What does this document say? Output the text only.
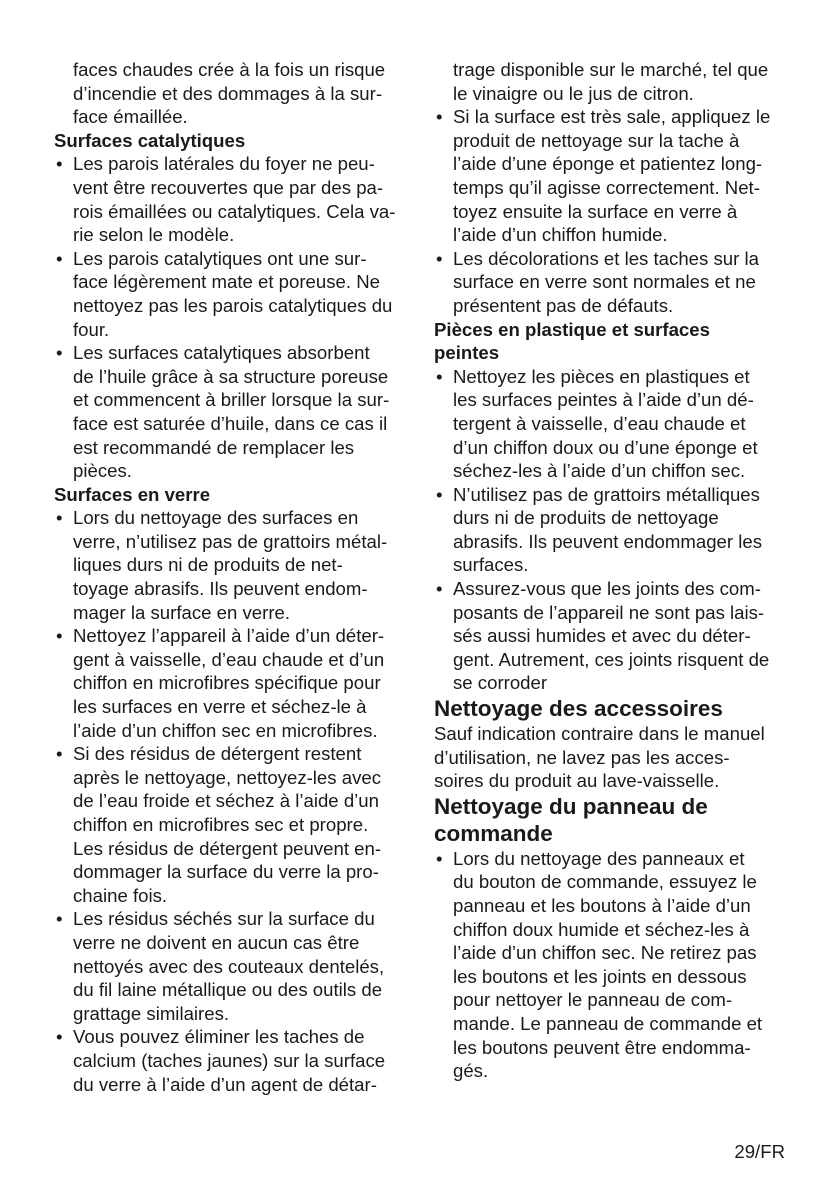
faces chaudes crée à la fois un risque
d’incendie et des dommages à la sur-
face émaillée.
Surfaces catalytiques
• Les parois latérales du foyer ne peu-
vent être recouvertes que par des pa-
rois émaillées ou catalytiques. Cela va-
rie selon le modèle.
• Les parois catalytiques ont une sur-
face légèrement mate et poreuse. Ne
nettoyez pas les parois catalytiques du
four.
• Les surfaces catalytiques absorbent
de l’huile grâce à sa structure poreuse
et commencent à briller lorsque la sur-
face est saturée d’huile, dans ce cas il
est recommandé de remplacer les
pièces.
Surfaces en verre
• Lors du nettoyage des surfaces en
verre, n’utilisez pas de grattoirs métal-
liques durs ni de produits de net-
toyage abrasifs. Ils peuvent endom-
mager la surface en verre.
• Nettoyez l’appareil à l’aide d’un déter-
gent à vaisselle, d’eau chaude et d’un
chiffon en microfibres spécifique pour
les surfaces en verre et séchez-le à
l’aide d’un chiffon sec en microfibres.
• Si des résidus de détergent restent
après le nettoyage, nettoyez-les avec
de l’eau froide et séchez à l’aide d’un
chiffon en microfibres sec et propre.
Les résidus de détergent peuvent en-
dommager la surface du verre la pro-
chaine fois.
• Les résidus séchés sur la surface du
verre ne doivent en aucun cas être
nettoyés avec des couteaux dentelés,
du fil laine métallique ou des outils de
grattage similaires.
• Vous pouvez éliminer les taches de
calcium (taches jaunes) sur la surface
du verre à l’aide d’un agent de détar-
trage disponible sur le marché, tel que
le vinaigre ou le jus de citron.
• Si la surface est très sale, appliquez le
produit de nettoyage sur la tache à
l’aide d’une éponge et patientez long-
temps qu’il agisse correctement. Net-
toyez ensuite la surface en verre à
l’aide d’un chiffon humide.
• Les décolorations et les taches sur la
surface en verre sont normales et ne
présentent pas de défauts.
Pièces en plastique et surfaces
peintes
• Nettoyez les pièces en plastiques et
les surfaces peintes à l’aide d’un dé-
tergent à vaisselle, d’eau chaude et
d’un chiffon doux ou d’une éponge et
séchez-les à l’aide d’un chiffon sec.
• N’utilisez pas de grattoirs métalliques
durs ni de produits de nettoyage
abrasifs. Ils peuvent endommager les
surfaces.
• Assurez-vous que les joints des com-
posants de l’appareil ne sont pas lais-
sés aussi humides et avec du déter-
gent. Autrement, ces joints risquent de
se corroder
Nettoyage des accessoires
Sauf indication contraire dans le manuel
d’utilisation, ne lavez pas les acces-
soires du produit au lave-vaisselle.
Nettoyage du panneau de
commande
• Lors du nettoyage des panneaux et
du bouton de commande, essuyez le
panneau et les boutons à l’aide d’un
chiffon doux humide et séchez-les à
l’aide d’un chiffon sec. Ne retirez pas
les boutons et les joints en dessous
pour nettoyer le panneau de com-
mande. Le panneau de commande et
les boutons peuvent être endomma-
gés.
29/FR
